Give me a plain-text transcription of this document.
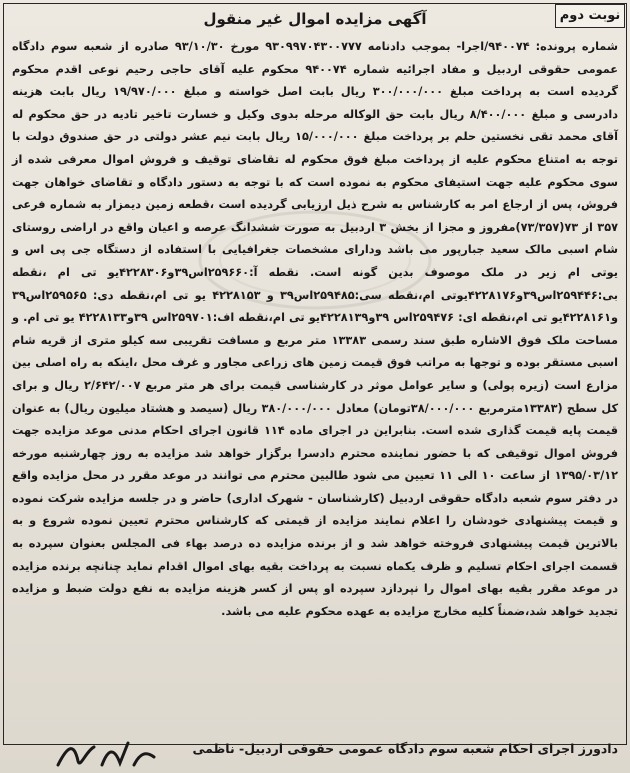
نوبت دوم
آگهی مزایده اموال غیر منقول

شماره پرونده: ۹۴۰۰۷۴/اجرا- بموجب دادنامه ۹۳۰۹۹۷۰۴۳۰۰۷۷۷ مورخ ۹۳/۱۰/۳۰ صادره از شعبه سوم دادگاه عمومی حقوقی اردبیل و مفاد اجرائیه شماره ۹۴۰۰۷۴ محکوم علیه آقای حاجی رحیم نوعی اقدم محکوم گردیده است به پرداخت مبلغ ۳۰۰/۰۰۰/۰۰۰ ریال بابت اصل خواسته و مبلغ ۱۹/۹۷۰/۰۰۰ ریال بابت هزینه دادرسی و مبلغ ۸/۴۰۰/۰۰۰ ریال بابت حق الوکاله مرحله بدوی وکیل و خسارت تاخیر تادیه در حق محکوم له آقای محمد تقی نخستین حلم بر پرداخت مبلغ ۱۵/۰۰۰/۰۰۰ ریال بابت نیم عشر دولتی در حق صندوق دولت با توجه به امتناع محکوم علیه از پرداخت مبلغ فوق محکوم له تقاضای توقیف و فروش اموال معرفی شده از سوی محکوم علیه جهت استیفای محکوم به نموده است که با توجه به دستور دادگاه و تقاضای خواهان جهت فروش، پس از ارجاع امر به کارشناس به شرح ذیل ارزیابی گردیده است ،قطعه زمین دیمزار به شماره فرعی ۳۵۷ از ۷۳(۷۳/۳۵۷)مفروز و مجزا از بخش ۳ اردبیل به صورت ششدانگ عرصه و اعیان واقع در اراضی روستای شام اسبی مالک سعید جبارپور می باشد ودارای مشخصات جغرافیایی با استفاده از دستگاه جی پی اس و یوتی ام زیر در ملک موصوف بدین گونه است. نقطه آ:۲۵۹۶۶۰اس۳۹و۴۲۲۸۳۰۶یو تی ام ،نقطه بی:۲۵۹۴۴۶اس۳۹و۴۲۲۸۱۷۶یوتی ام،نقطه سی:۲۵۹۴۸۵اس۳۹ و ۴۲۲۸۱۵۳ یو تی ام،نقطه دی: ۲۵۹۵۶۵اس۳۹ و۴۲۲۸۱۶۱یو تی ام،نقطه ای: ۲۵۹۴۷۶اس ۳۹و۴۲۲۸۱۳۹یو تی ام،نقطه اف:۲۵۹۷۰۱اس ۳۹و۴۲۲۸۱۳۳ یو تی ام. و مساحت ملک فوق الاشاره طبق سند رسمی ۱۳۳۸۳ متر مربع و مسافت تقریبی سه کیلو متری از قریه شام اسبی مستقر بوده و توجها به مراتب فوق قیمت زمین های زراعی مجاور و غرف محل ،اینکه به راه اصلی بین مزارع است (زیره پولی) و سایر عوامل موثر در کارشناسی قیمت برای هر متر مربع ۲/۶۴۲/۰۰۷ ریال و برای کل سطح (۱۳۳۸۳مترمربع ۳۸/۰۰۰/۰۰۰تومان) معادل ۳۸۰/۰۰۰/۰۰۰ ریال (سیصد و هشتاد میلیون ریال) به عنوان قیمت پایه قیمت گذاری شده است. بنابراین در اجرای ماده ۱۱۴ قانون اجرای احکام مدنی موعد مزایده جهت فروش اموال توقیفی که با حضور نماینده محترم دادسرا برگزار خواهد شد مزایده به روز چهارشنبه مورخه ۱۳۹۵/۰۳/۱۲ از ساعت ۱۰ الی ۱۱ تعیین می شود طالبین محترم می توانند در موعد مقرر در محل مزایده واقع در دفتر سوم شعبه دادگاه حقوقی اردبیل (کارشناسان - شهرک اداری) حاضر و در جلسه مزایده شرکت نموده و قیمت پیشنهادی خودشان را اعلام نمایند مزایده از قیمتی که کارشناس محترم تعیین نموده شروع و به بالاترین قیمت پیشنهادی فروخته خواهد شد و از برنده مزایده ده درصد بهاء فی المجلس بعنوان سپرده به قسمت اجرای احکام تسلیم و ظرف یکماه نسبت به پرداخت بقیه بهای اموال اقدام نماید چنانچه برنده مزایده در موعد مقرر بقیه بهای اموال را نپردازد سپرده او پس از کسر هزینه مزایده به نفع دولت ضبط و مزایده تجدید خواهد شد،ضمناً کلیه مخارج مزایده به عهده محکوم علیه می باشد.

دادورز اجرای احکام شعبه سوم دادگاه عمومی حقوقی اردبیل- ناظمی
